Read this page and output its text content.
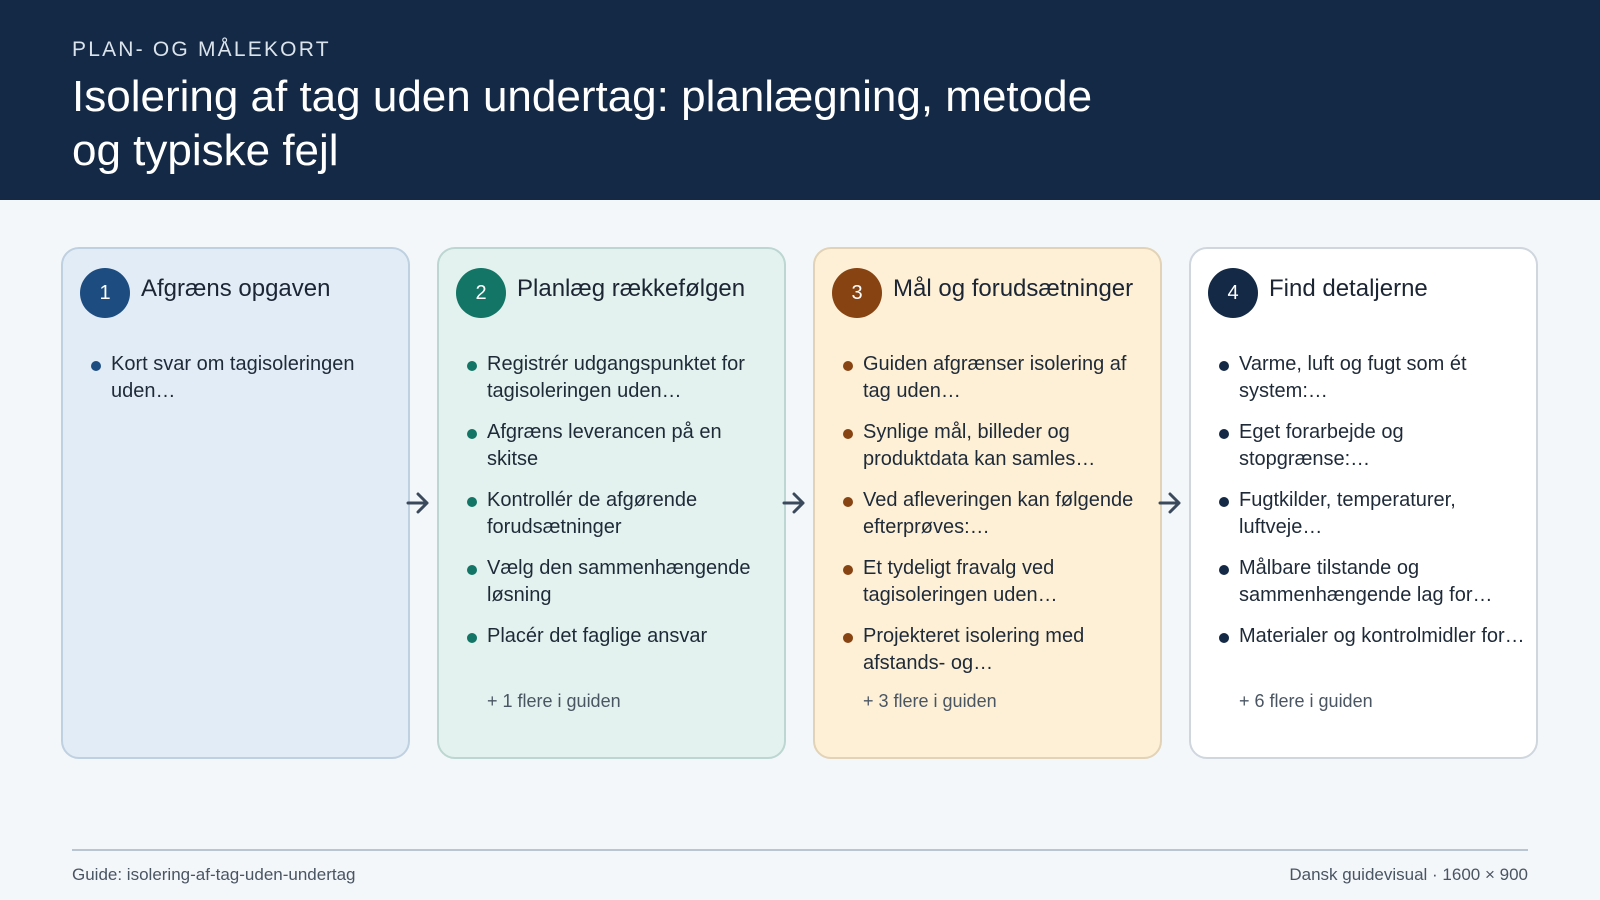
PLAN- OG MÅLEKORT
Isolering af tag uden undertag: planlægning, metode og typiske fejl
1	Afgræns opgaven
Kort svar om tagisoleringen uden…
2	Planlæg rækkefølgen
Registrér udgangspunktet for tagisoleringen uden…
Afgræns leverancen på en skitse
Kontrollér de afgørende forudsætninger
Vælg den sammenhængende løsning
Placér det faglige ansvar
+ 1 flere i guiden
3	Mål og forudsætninger
Guiden afgrænser isolering af tag uden…
Synlige mål, billeder og produktdata kan samles…
Ved afleveringen kan følgende efterprøves:…
Et tydeligt fravalg ved tagisoleringen uden…
Projekteret isolering med afstands- og…
+ 3 flere i guiden
4	Find detaljerne
Varme, luft og fugt som ét system:…
Eget forarbejde og stopgrænse:…
Fugtkilder, temperaturer, luftveje…
Målbare tilstande og sammenhængende lag for…
Materialer og kontrolmidler for…
+ 6 flere i guiden
Guide: isolering-af-tag-uden-undertag	Dansk guidevisual · 1600 × 900
